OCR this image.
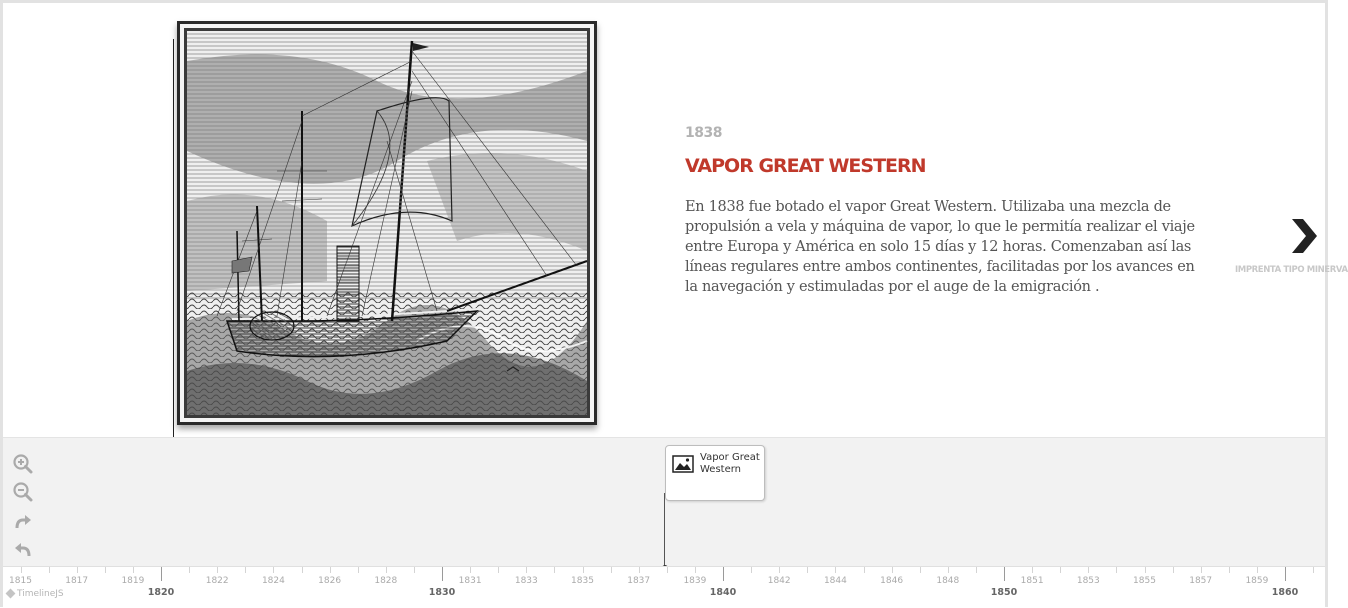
1838
VAPOR GREAT WESTERN
En 1838 fue botado el vapor Great Western. Utilizaba una mezcla de propulsión a vela y máquina de vapor, lo que le permitía realizar el viaje entre Europa y América en solo 15 días y 12 horas. Comenzaban así las líneas regulares entre ambos continentes, facilitadas por los avances en la navegación y estimuladas por el auge de la emigración .
IMPRENTA TIPO MINERVA
Vapor Great Western
TimelineJS
1815	1817	1819	1822	1824	1826	1828	1831	1833	1835	1837	1839	1842	1844	1846	1848	1851	1853	1855	1857	1859
1820	1830	1840	1850	1860
